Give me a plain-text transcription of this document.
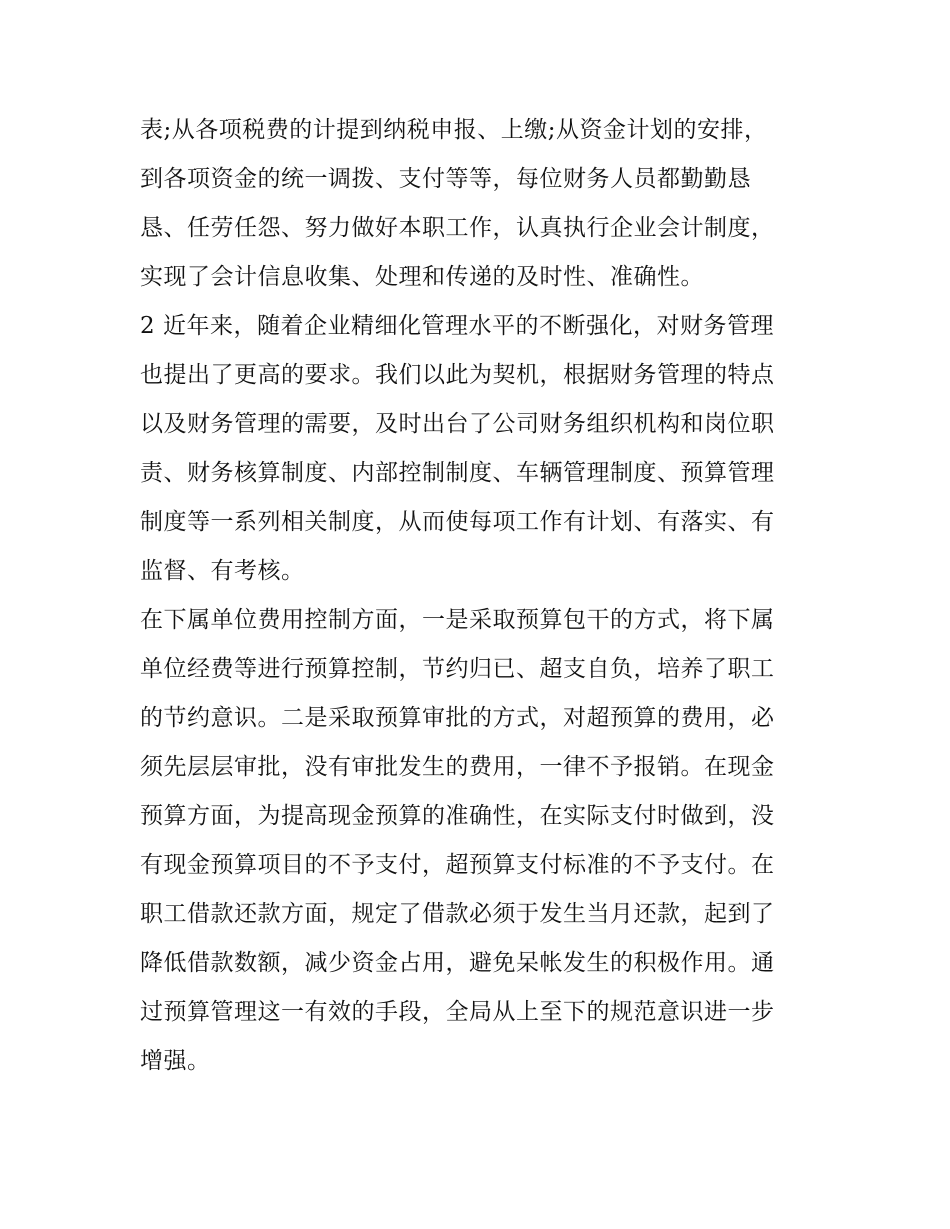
表;从各项税费的计提到纳税申报、上缴;从资金计划的安排，
到各项资金的统一调拨、支付等等，每位财务人员都勤勤恳
恳、任劳任怨、努力做好本职工作，认真执行企业会计制度，
实现了会计信息收集、处理和传递的及时性、准确性。
2 近年来，随着企业精细化管理水平的不断强化，对财务管理
也提出了更高的要求。我们以此为契机，根据财务管理的特点
以及财务管理的需要，及时出台了公司财务组织机构和岗位职
责、财务核算制度、内部控制制度、车辆管理制度、预算管理
制度等一系列相关制度，从而使每项工作有计划、有落实、有
监督、有考核。
在下属单位费用控制方面，一是采取预算包干的方式，将下属
单位经费等进行预算控制，节约归已、超支自负，培养了职工
的节约意识。二是采取预算审批的方式，对超预算的费用，必
须先层层审批，没有审批发生的费用，一律不予报销。在现金
预算方面，为提高现金预算的准确性，在实际支付时做到，没
有现金预算项目的不予支付，超预算支付标准的不予支付。在
职工借款还款方面，规定了借款必须于发生当月还款，起到了
降低借款数额，减少资金占用，避免呆帐发生的积极作用。通
过预算管理这一有效的手段，全局从上至下的规范意识进一步
增强。
